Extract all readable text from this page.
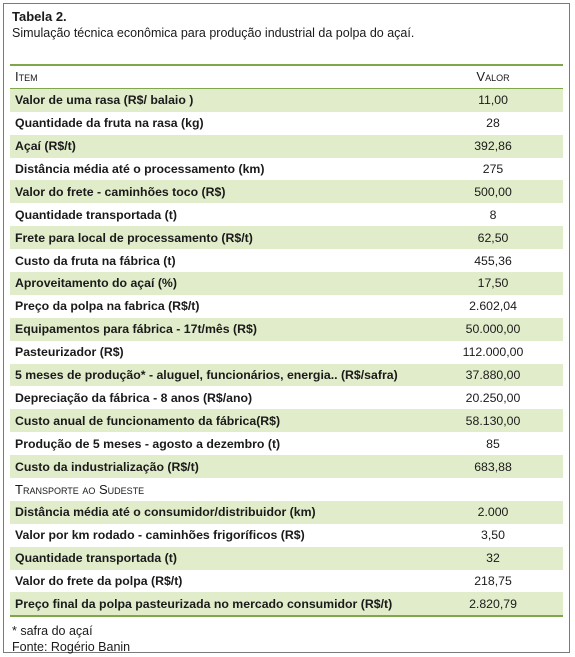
Tabela 2.
Simulação técnica econômica para produção industrial da polpa do açaí.
Item	Valor
Valor de uma rasa (R$/ balaio )	11,00
Quantidade da fruta na rasa (kg)	28
Açaí (R$/t)	392,86
Distância média até o processamento (km)	275
Valor do frete - caminhões toco (R$)	500,00
Quantidade transportada (t)	8
Frete para local de processamento (R$/t)	62,50
Custo da fruta na fábrica (t)	455,36
Aproveitamento do açaí (%)	17,50
Preço da polpa na fabrica (R$/t)	2.602,04
Equipamentos para fábrica - 17t/mês (R$)	50.000,00
Pasteurizador (R$)	112.000,00
5 meses de produção* - aluguel, funcionários, energia.. (R$/safra)	37.880,00
Depreciação da fábrica - 8 anos (R$/ano)	20.250,00
Custo anual de funcionamento da fábrica(R$)	58.130,00
Produção de 5 meses - agosto a dezembro (t)	85
Custo da industrialização (R$/t)	683,88
Transporte ao Sudeste
Distância média até o consumidor/distribuidor (km)	2.000
Valor por km rodado - caminhões frigoríficos (R$)	3,50
Quantidade transportada (t)	32
Valor do frete da polpa (R$/t)	218,75
Preço final da polpa pasteurizada no mercado consumidor (R$/t)	2.820,79
* safra do açaí
Fonte: Rogério Banin
